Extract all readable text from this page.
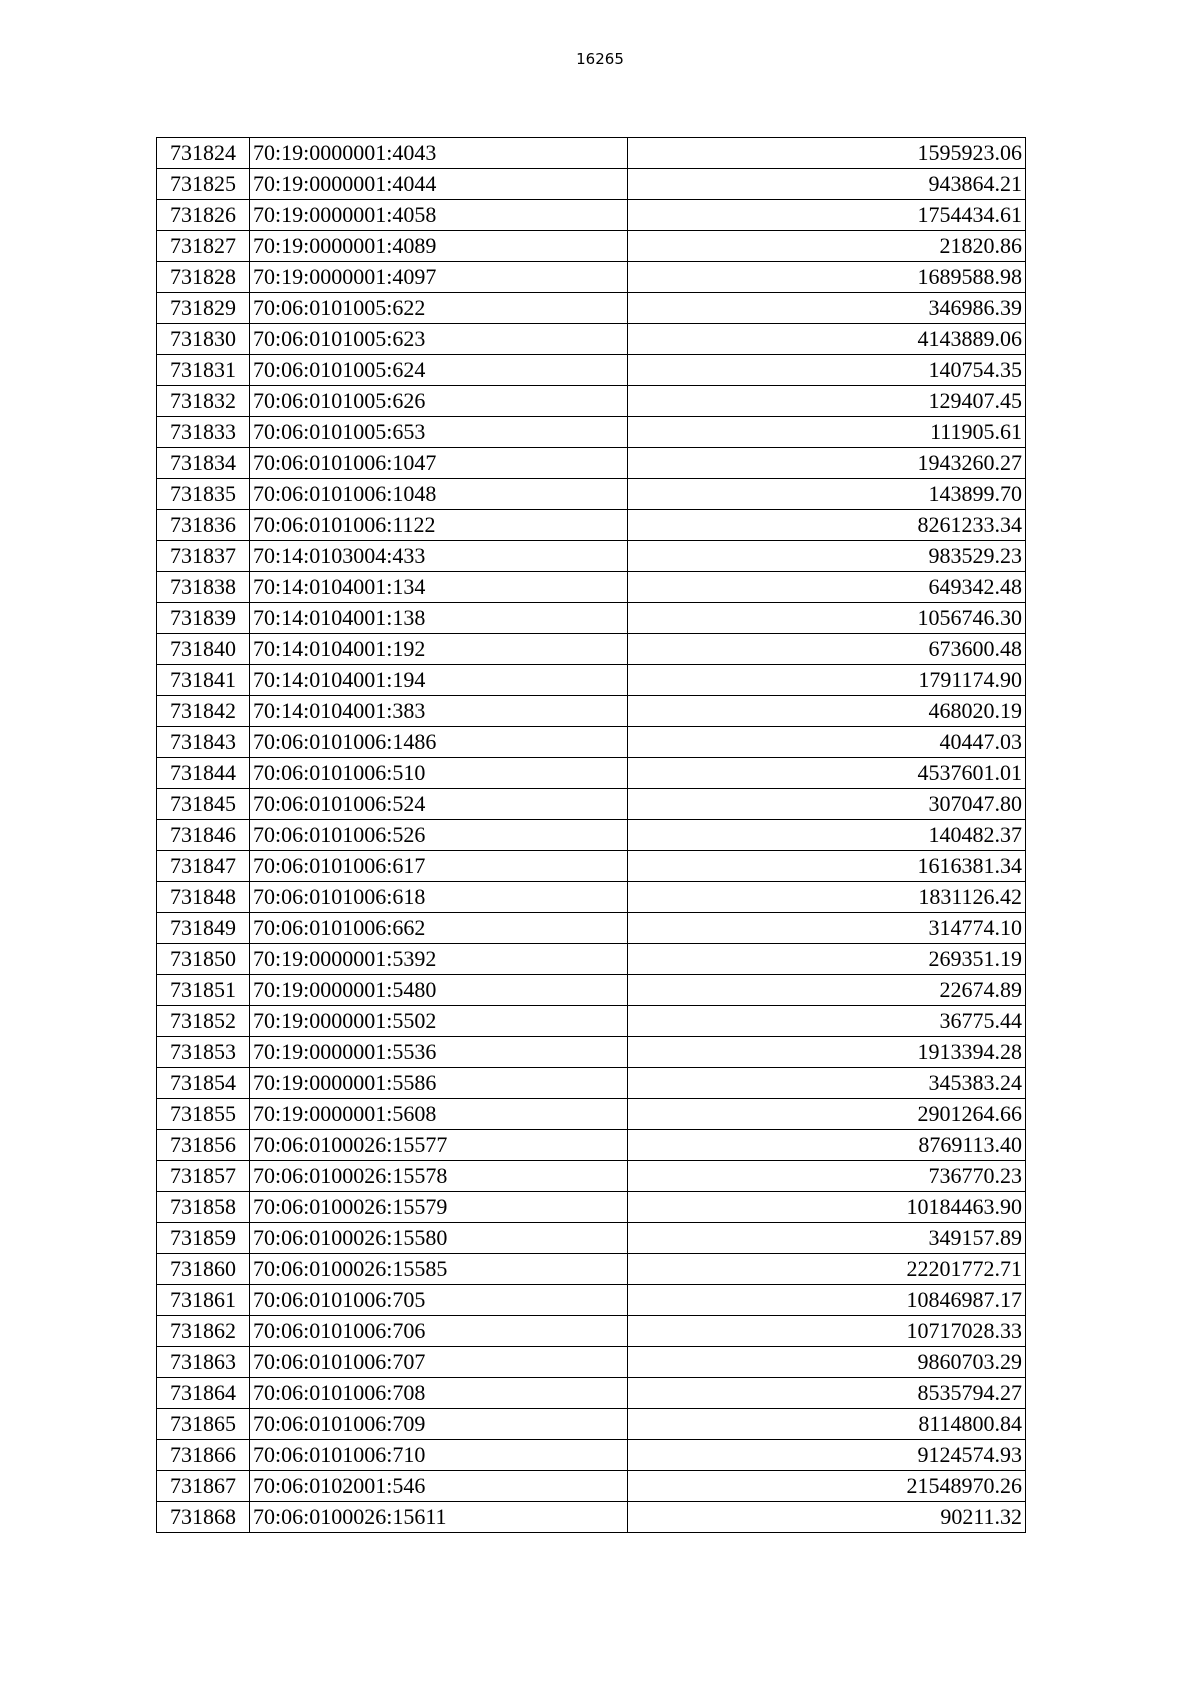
16265
731824	70:19:0000001:4043	1595923.06
731825	70:19:0000001:4044	943864.21
731826	70:19:0000001:4058	1754434.61
731827	70:19:0000001:4089	21820.86
731828	70:19:0000001:4097	1689588.98
731829	70:06:0101005:622	346986.39
731830	70:06:0101005:623	4143889.06
731831	70:06:0101005:624	140754.35
731832	70:06:0101005:626	129407.45
731833	70:06:0101005:653	111905.61
731834	70:06:0101006:1047	1943260.27
731835	70:06:0101006:1048	143899.70
731836	70:06:0101006:1122	8261233.34
731837	70:14:0103004:433	983529.23
731838	70:14:0104001:134	649342.48
731839	70:14:0104001:138	1056746.30
731840	70:14:0104001:192	673600.48
731841	70:14:0104001:194	1791174.90
731842	70:14:0104001:383	468020.19
731843	70:06:0101006:1486	40447.03
731844	70:06:0101006:510	4537601.01
731845	70:06:0101006:524	307047.80
731846	70:06:0101006:526	140482.37
731847	70:06:0101006:617	1616381.34
731848	70:06:0101006:618	1831126.42
731849	70:06:0101006:662	314774.10
731850	70:19:0000001:5392	269351.19
731851	70:19:0000001:5480	22674.89
731852	70:19:0000001:5502	36775.44
731853	70:19:0000001:5536	1913394.28
731854	70:19:0000001:5586	345383.24
731855	70:19:0000001:5608	2901264.66
731856	70:06:0100026:15577	8769113.40
731857	70:06:0100026:15578	736770.23
731858	70:06:0100026:15579	10184463.90
731859	70:06:0100026:15580	349157.89
731860	70:06:0100026:15585	22201772.71
731861	70:06:0101006:705	10846987.17
731862	70:06:0101006:706	10717028.33
731863	70:06:0101006:707	9860703.29
731864	70:06:0101006:708	8535794.27
731865	70:06:0101006:709	8114800.84
731866	70:06:0101006:710	9124574.93
731867	70:06:0102001:546	21548970.26
731868	70:06:0100026:15611	90211.32
